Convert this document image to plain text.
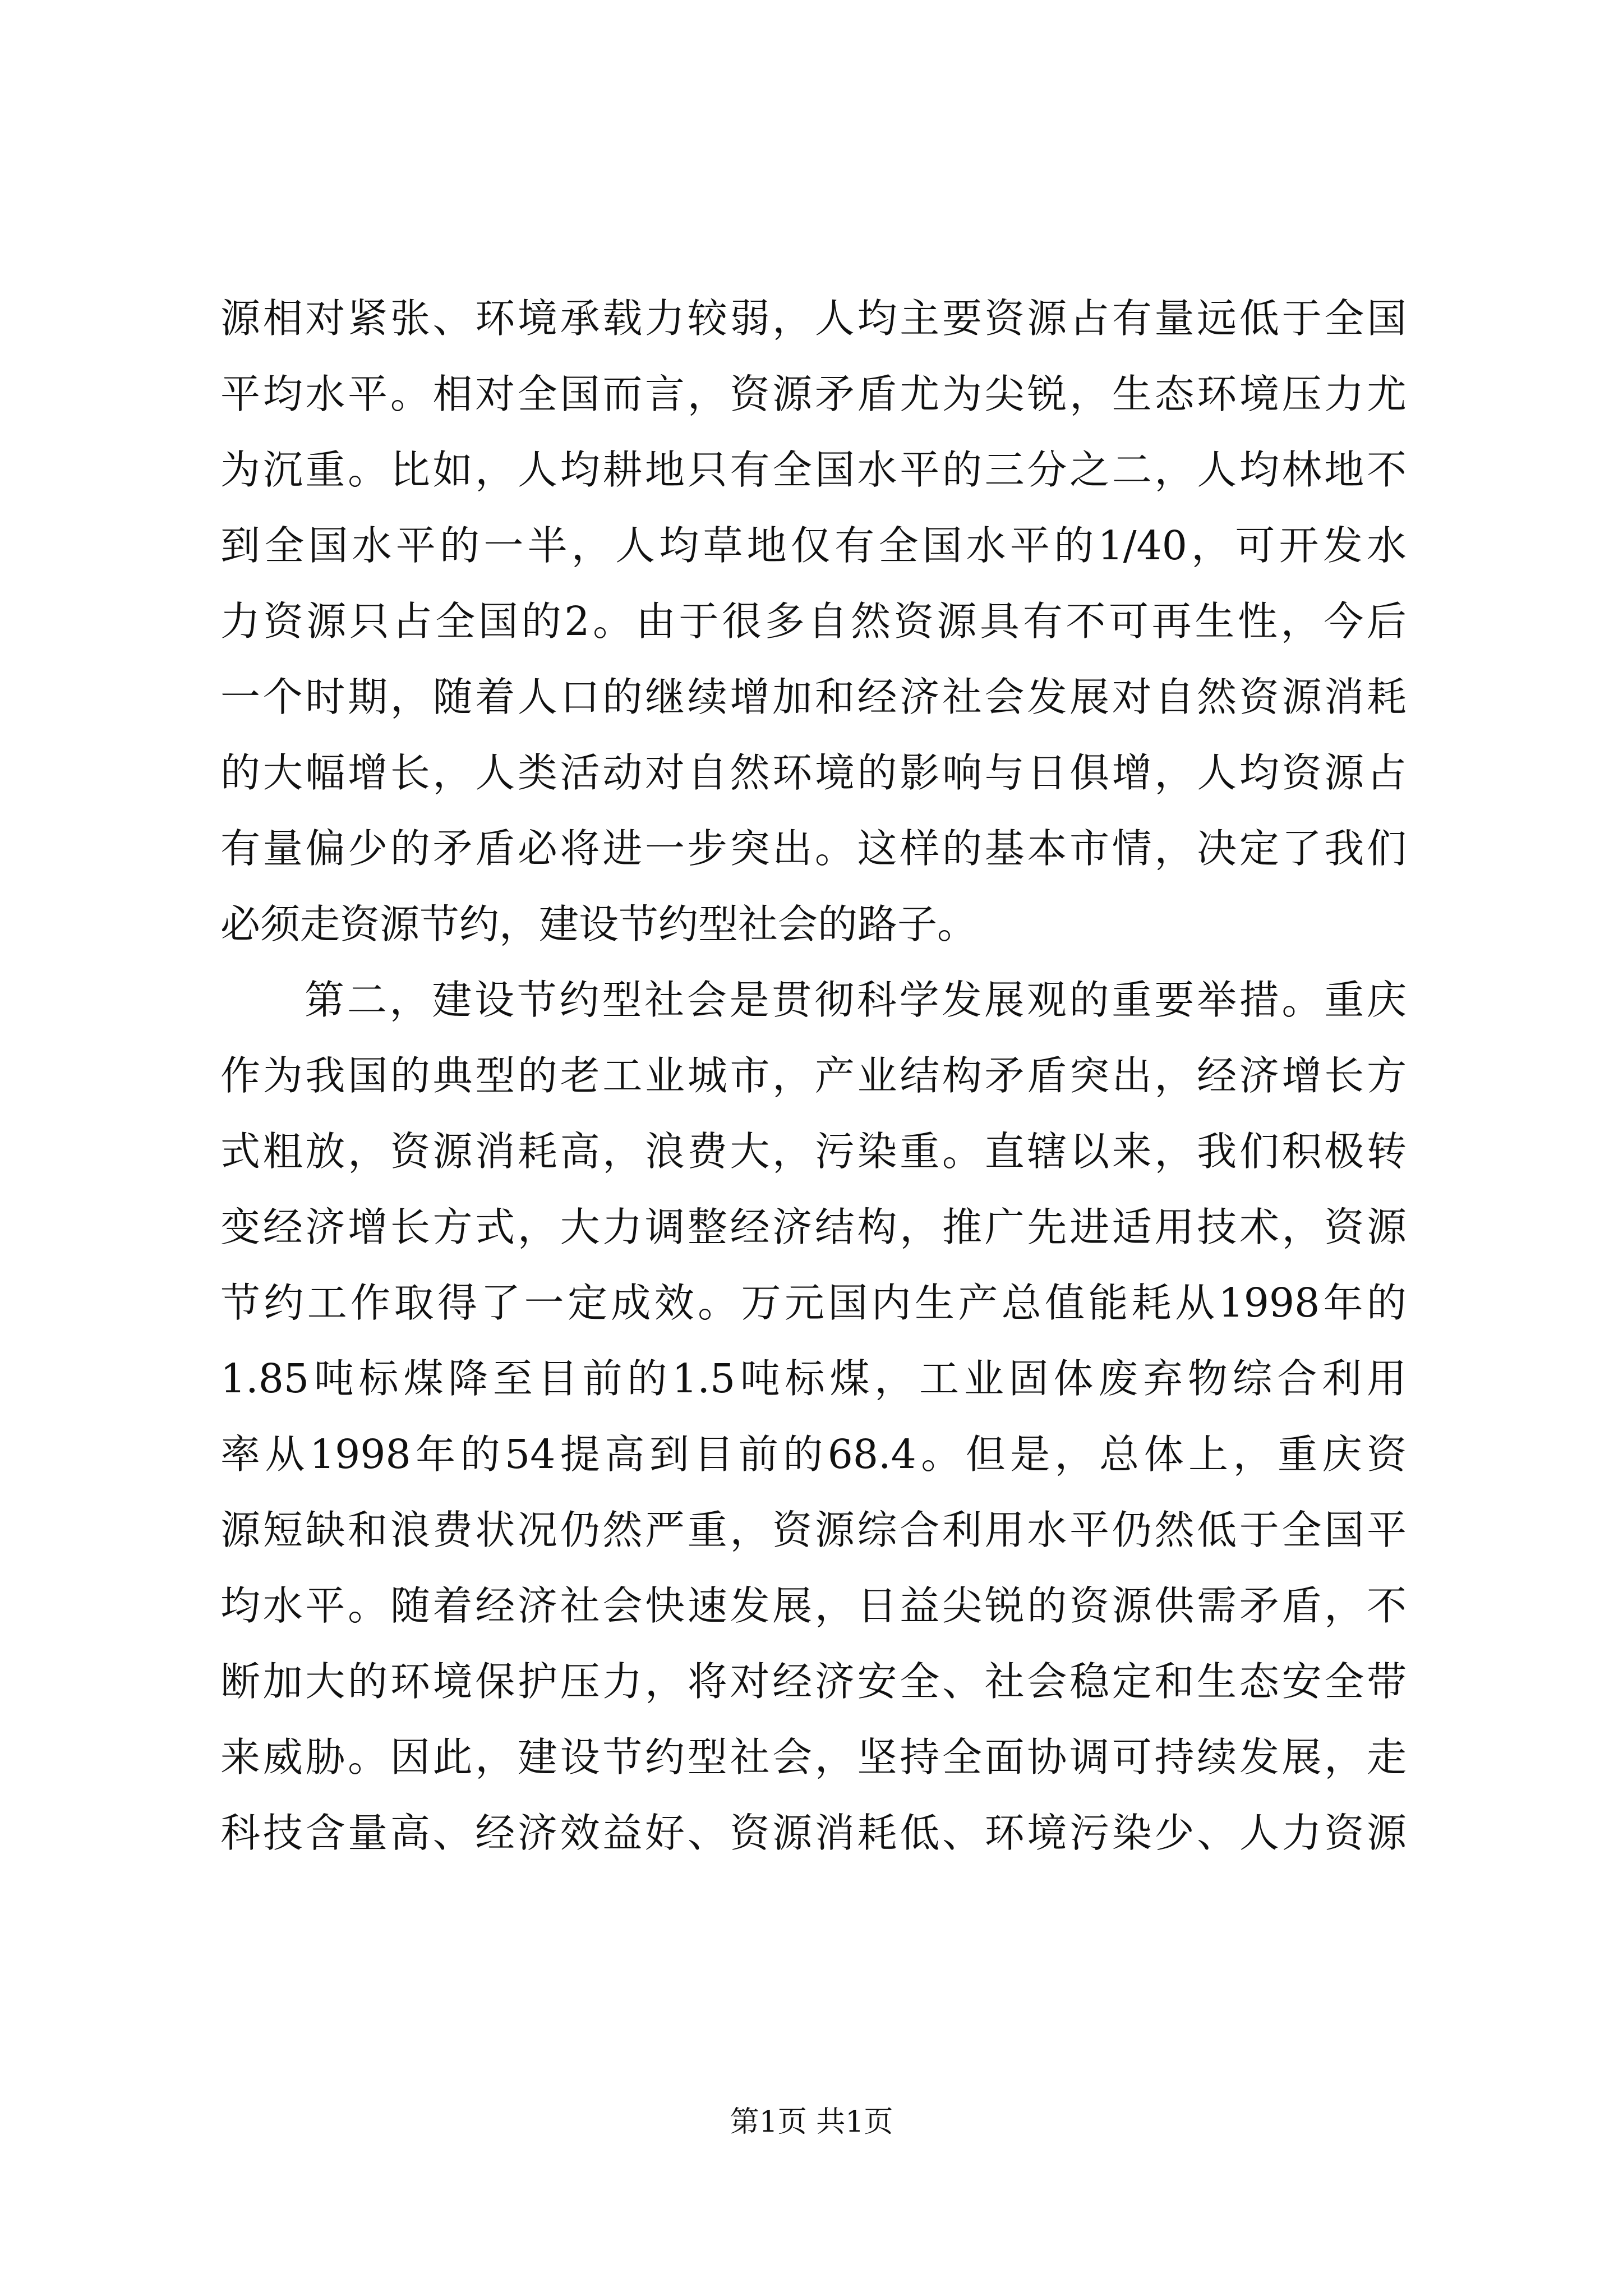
源相对紧张、环境承载力较弱，人均主要资源占有量远低于全国
平均水平。相对全国而言，资源矛盾尤为尖锐，生态环境压力尤
为沉重。比如，人均耕地只有全国水平的三分之二，人均林地不
到全国水平的一半，人均草地仅有全国水平的1/40，可开发水
力资源只占全国的2。由于很多自然资源具有不可再生性，今后
一个时期，随着人口的继续增加和经济社会发展对自然资源消耗
的大幅增长，人类活动对自然环境的影响与日俱增，人均资源占
有量偏少的矛盾必将进一步突出。这样的基本市情，决定了我们
必须走资源节约，建设节约型社会的路子。
第二，建设节约型社会是贯彻科学发展观的重要举措。重庆
作为我国的典型的老工业城市，产业结构矛盾突出，经济增长方
式粗放，资源消耗高，浪费大，污染重。直辖以来，我们积极转
变经济增长方式，大力调整经济结构，推广先进适用技术，资源
节约工作取得了一定成效。万元国内生产总值能耗从1998年的
1.85吨标煤降至目前的1.5吨标煤，工业固体废弃物综合利用
率从1998年的54提高到目前的68.4。但是，总体上，重庆资
源短缺和浪费状况仍然严重，资源综合利用水平仍然低于全国平
均水平。随着经济社会快速发展，日益尖锐的资源供需矛盾，不
断加大的环境保护压力，将对经济安全、社会稳定和生态安全带
来威胁。因此，建设节约型社会，坚持全面协调可持续发展，走
科技含量高、经济效益好、资源消耗低、环境污染少、人力资源
第1页 共1页
